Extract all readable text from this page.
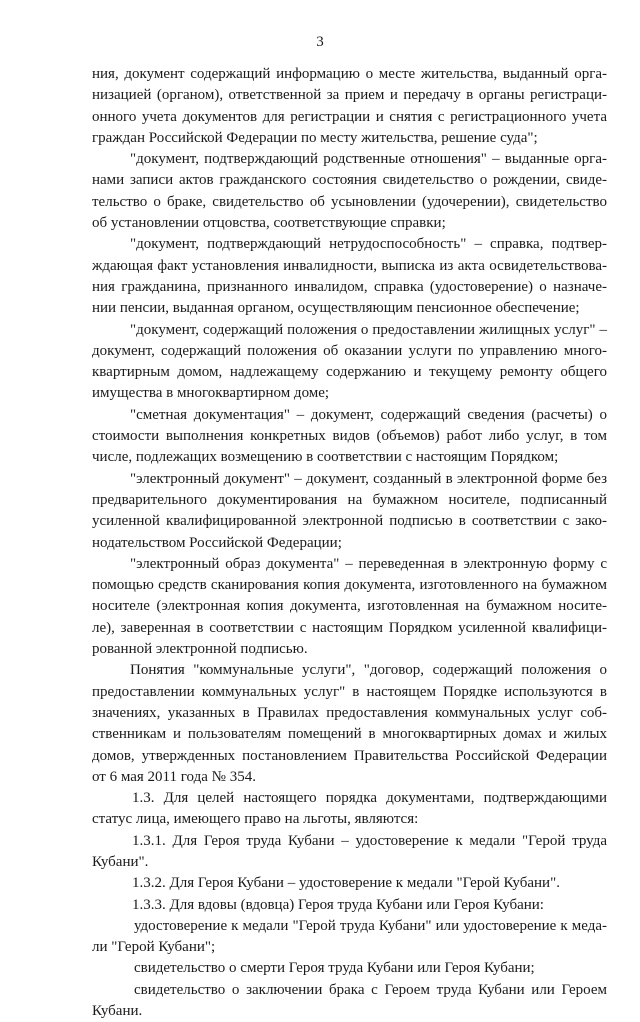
3
ния, документ содержащий информацию о месте жительства, выданный орга-
низацией (органом), ответственной за прием и передачу в органы регистраци-
онного учета документов для регистрации и снятия с регистрационного учета
граждан Российской Федерации по месту жительства, решение суда";
"документ, подтверждающий родственные отношения" – выданные орга-
нами записи актов гражданского состояния свидетельство о рождении, свиде-
тельство о браке, свидетельство об усыновлении (удочерении), свидетельство
об установлении отцовства, соответствующие справки;
"документ, подтверждающий нетрудоспособность" – справка, подтвер-
ждающая факт установления инвалидности, выписка из акта освидетельствова-
ния гражданина, признанного инвалидом, справка (удостоверение) о назначе-
нии пенсии, выданная органом, осуществляющим пенсионное обеспечение;
"документ, содержащий положения о предоставлении жилищных услуг" –
документ, содержащий положения об оказании услуги по управлению много-
квартирным домом, надлежащему содержанию и текущему ремонту общего
имущества в многоквартирном доме;
"сметная документация" – документ, содержащий сведения (расчеты) о
стоимости выполнения конкретных видов (объемов) работ либо услуг, в том
числе, подлежащих возмещению в соответствии с настоящим Порядком;
"электронный документ" – документ, созданный в электронной форме без
предварительного документирования на бумажном носителе, подписанный
усиленной квалифицированной электронной подписью в соответствии с зако-
нодательством Российской Федерации;
"электронный образ документа" – переведенная в электронную форму с
помощью средств сканирования копия документа, изготовленного на бумажном
носителе (электронная копия документа, изготовленная на бумажном носите-
ле), заверенная в соответствии с настоящим Порядком усиленной квалифици-
рованной электронной подписью.
Понятия "коммунальные услуги", "договор, содержащий положения о
предоставлении коммунальных услуг" в настоящем Порядке используются в
значениях, указанных в Правилах предоставления коммунальных услуг соб-
ственникам и пользователям помещений в многоквартирных домах и жилых
домов, утвержденных постановлением Правительства Российской Федерации
от 6 мая 2011 года № 354.
1.3. Для целей настоящего порядка документами, подтверждающими
статус лица, имеющего право на льготы, являются:
1.3.1. Для Героя труда Кубани – удостоверение к медали "Герой труда
Кубани".
1.3.2. Для Героя Кубани – удостоверение к медали "Герой Кубани".
1.3.3. Для вдовы (вдовца) Героя труда Кубани или Героя Кубани:
удостоверение к медали "Герой труда Кубани" или удостоверение к меда-
ли "Герой Кубани";
свидетельство о смерти Героя труда Кубани или Героя Кубани;
свидетельство о заключении брака с Героем труда Кубани или Героем
Кубани.
